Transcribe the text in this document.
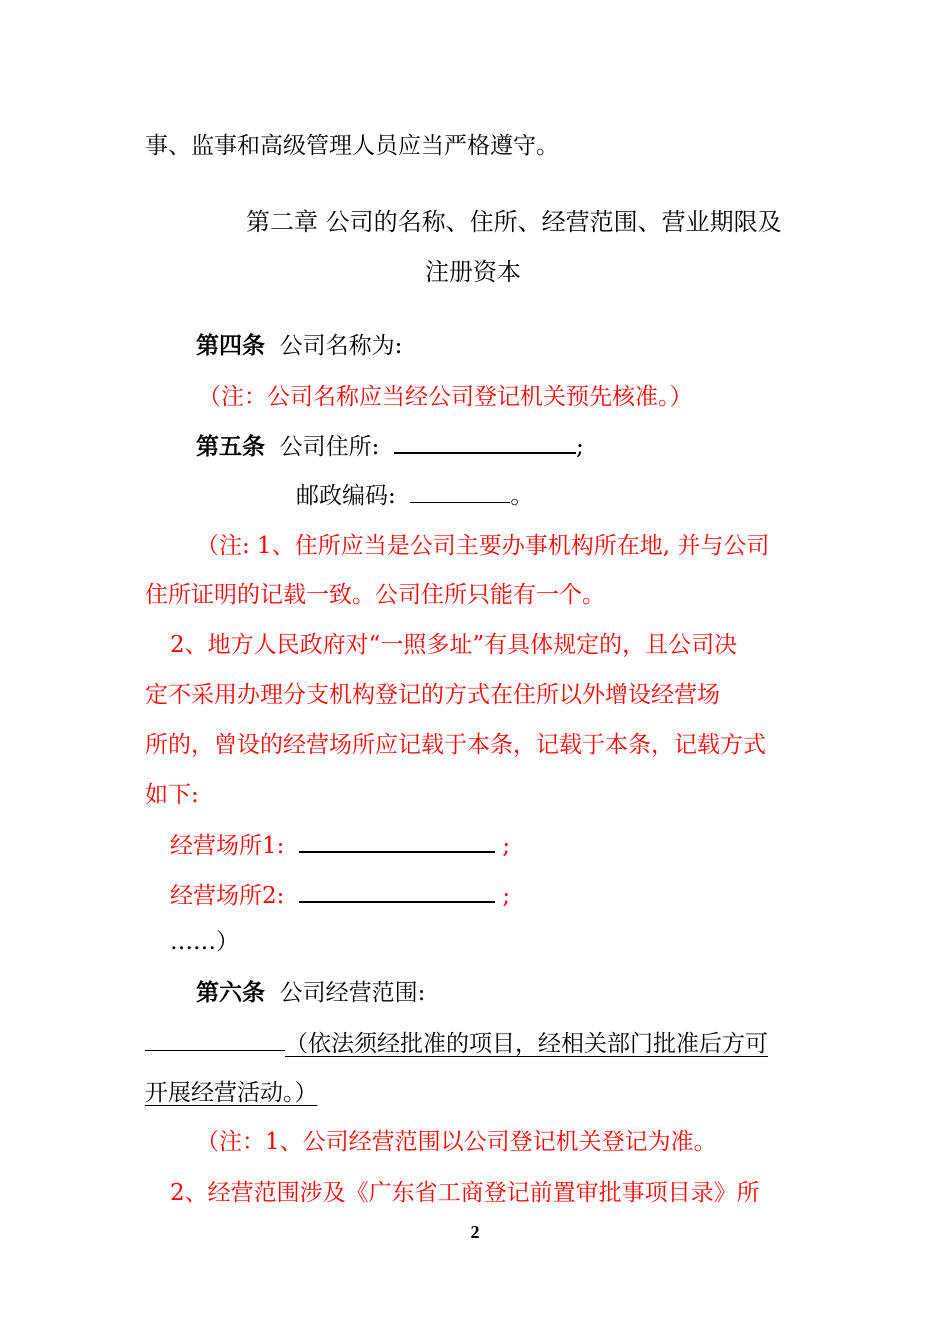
事、监事和高级管理人员应当严格遵守。
第二章 公司的名称、住所、经营范围、营业期限及
注册资本
第四条 公司名称为:
（注：公司名称应当经公司登记机关预先核准。）
第五条 公司住所:	;
邮政编码:	。
（注: 1、住所应当是公司主要办事机构所在地, 并与公司
住所证明的记载一致。公司住所只能有一个。
2、地方人民政府对“一照多址”有具体规定的，且公司决
定不采用办理分支机构登记的方式在住所以外增设经营场
所的，曾设的经营场所应记载于本条，记载于本条，记载方式
如下:
经营场所1:	;
经营场所2:	;
……）
第六条 公司经营范围:
（依法须经批准的项目，经相关部门批准后方可
开展经营活动。）
（注：1、公司经营范围以公司登记机关登记为准。
2、经营范围涉及《广东省工商登记前置审批事项目录》所
2
